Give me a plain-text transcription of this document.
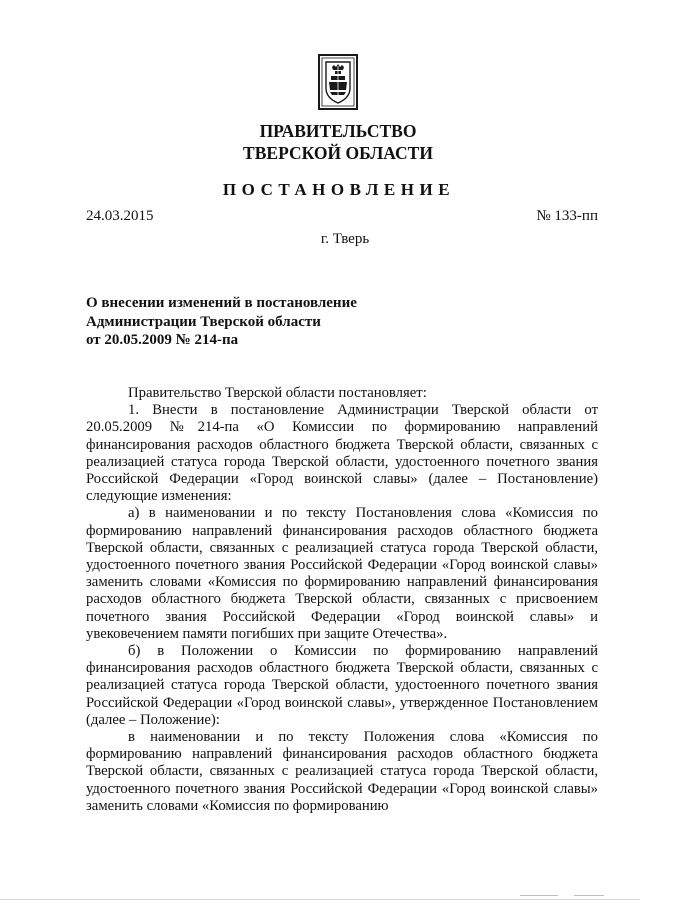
ПРАВИТЕЛЬСТВО
ТВЕРСКОЙ ОБЛАСТИ
ПОСТАНОВЛЕНИЕ
24.03.2015	№ 133-пп
г. Тверь
О внесении изменений в постановление
Администрации Тверской области
от 20.05.2009 № 214-па

Правительство Тверской области постановляет:

1. Внести в постановление Администрации Тверской области от 20.05.2009 №214-па «О Комиссии по формированию направлений финансирования расходов областного бюджета Тверской области, связанных с реализацией статуса города Тверской области, удостоенного почетного звания Российской Федерации «Город воинской славы» (далее – Постановление) следующие изменения:

а) в наименовании и по тексту Постановления слова «Комиссия по формированию направлений финансирования расходов областного бюджета Тверской области, связанных с реализацией статуса города Тверской области, удостоенного почетного звания Российской Федерации «Город воинской славы» заменить словами «Комиссия по формированию направлений финансирования расходов областного бюджета Тверской области, связанных с присвоением почетного звания Российской Федерации «Город воинской славы» и увековечением памяти погибших при защите Отечества».

б) в Положении о Комиссии по формированию направлений финансирования расходов областного бюджета Тверской области, связанных с реализацией статуса города Тверской области, удостоенного почетного звания Российской Федерации «Город воинской славы», утвержденное Постановлением (далее – Положение):

в наименовании и по тексту Положения слова «Комиссия по формированию направлений финансирования расходов областного бюджета Тверской области, связанных с реализацией статуса города Тверской области, удостоенного почетного звания Российской Федерации «Город воинской славы» заменить словами «Комиссия по формированию
